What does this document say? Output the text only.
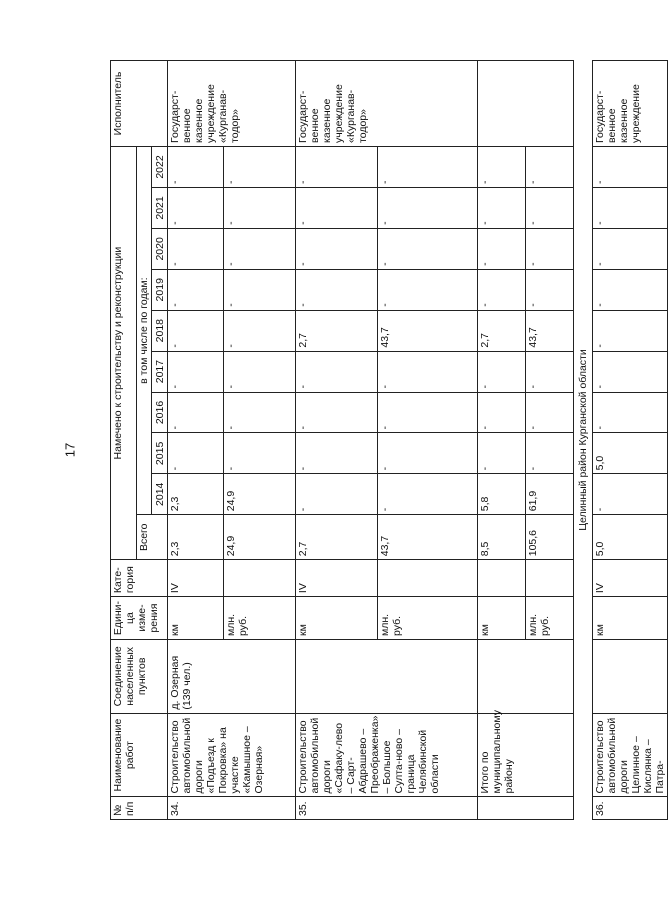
17
№ п/п	Наименование работ	Соединение населенных пунктов	Едини-ца изме-рения	Кате-гория	Намечено к строительству и реконструкции										Исполнитель
					Всего	в том числе по годам:									
						2014	2015	2016	2017	2018	2019	2020	2021	2022	
34.	Строительство автомобильной дороги «Подъезд к Покровка» на участке «Камышное – Озерная»	д. Озерная (139 чел.)	км	IV	2,3	2,3	-	-	-	-	-	-	-	-	Государст-венное казенное учреждение «Курганав-тодор»
			млн. руб.		24,9	24,9	-	-	-	-	-	-	-	-	
35.	Строительство автомобильной дороги «Сафаку-лево – Сарт-Абдрашево – Преображенка» – Большое Султа-ново – граница Челябинской области		км	IV	2,7	-	-	-	-	2,7	-	-	-	-	Государст-венное казенное учреждение «Курганав-тодор»
			млн. руб.		43,7	-	-	-	-	43,7	-	-	-	-	
	Итого по муниципальному району		км		8,5	5,8	-	-	-	2,7	-	-	-	-	
			млн. руб.		105,6	61,9	-	-	-	43,7	-	-	-	-	
Целинный район Курганской области															
36.	Строительство автомобильной дороги Целинное – Кислянка – Патра-		км	IV	5,0	-	5,0	-	-	-	-	-	-	-	Государст-венное казенное учреждение
